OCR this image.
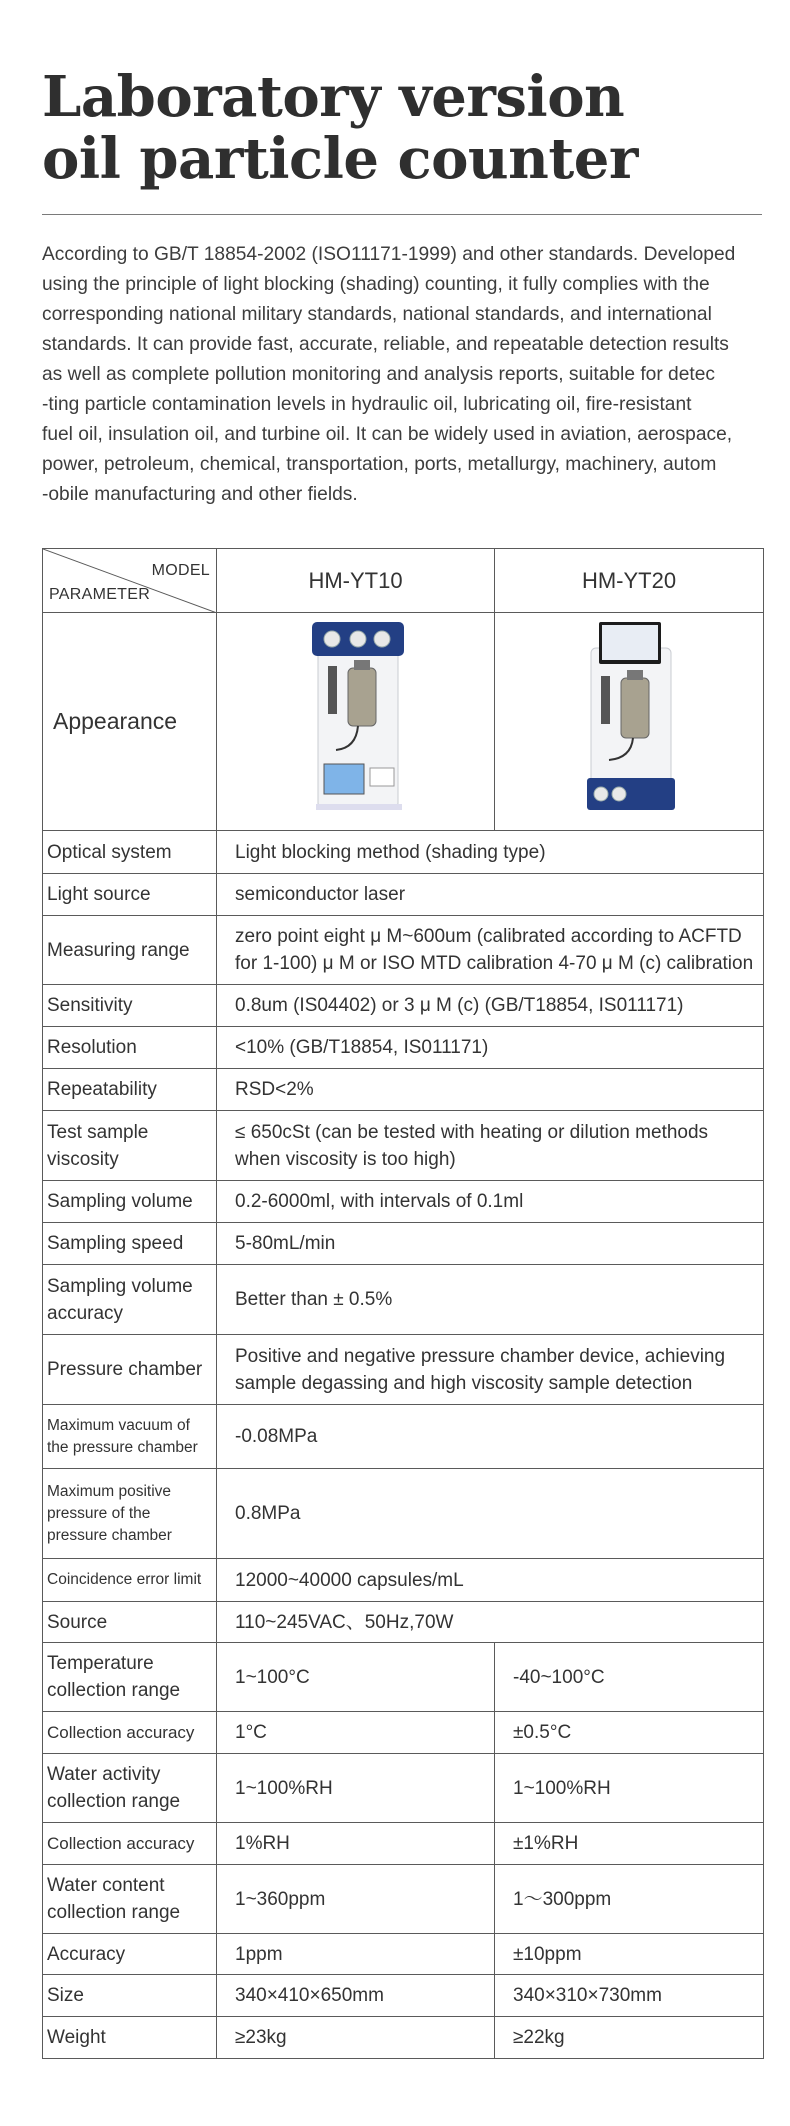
Laboratory version
oil particle counter

According to GB/T 18854-2002 (ISO11171-1999) and other standards. Developed
using the principle of light blocking (shading) counting, it fully complies with the
corresponding national military standards, national standards, and international
standards. It can provide fast, accurate, reliable, and repeatable detection results
as well as complete pollution monitoring and analysis reports, suitable for detec
-ting particle contamination levels in hydraulic oil, lubricating oil, fire-resistant
fuel oil, insulation oil, and turbine oil. It can be widely used in aviation, aerospace,
power, petroleum, chemical, transportation, ports, metallurgy, machinery, autom
-obile manufacturing and other fields.

MODEL
PARAMETER	HM-YT10	HM-YT20
Appearance		
Optical system	Light blocking method (shading type)	
Light source	semiconductor laser	
Measuring range	zero point eight μ M~600um (calibrated according to ACFTD
for 1-100) μ M or ISO MTD calibration 4-70 μ M (c) calibration	
Sensitivity	0.8um (IS04402) or 3 μ M (c) (GB/T18854, IS011171)	
Resolution	<10% (GB/T18854, IS011171)	
Repeatability	RSD<2%	
Test sample
viscosity	≤ 650cSt (can be tested with heating or dilution methods
when viscosity is too high)	
Sampling volume	0.2-6000ml, with intervals of 0.1ml	
Sampling speed	5-80mL/min	
Sampling volume
accuracy	Better than ± 0.5%	
Pressure chamber	Positive and negative pressure chamber device, achieving
sample degassing and high viscosity sample detection	
Maximum vacuum of
the pressure chamber	-0.08MPa	
Maximum positive
pressure of the
pressure chamber	0.8MPa	
Coincidence error limit	12000~40000 capsules/mL	
Source	110~245VAC、50Hz,70W	
Temperature
collection range	1~100°C	-40~100°C
Collection accuracy	1°C	±0.5°C
Water activity
collection range	1~100%RH	1~100%RH
Collection accuracy	1%RH	±1%RH
Water content
collection range	1~360ppm	1～300ppm
Accuracy	1ppm	±10ppm
Size	340×410×650mm	340×310×730mm
Weight	≥23kg	≥22kg
